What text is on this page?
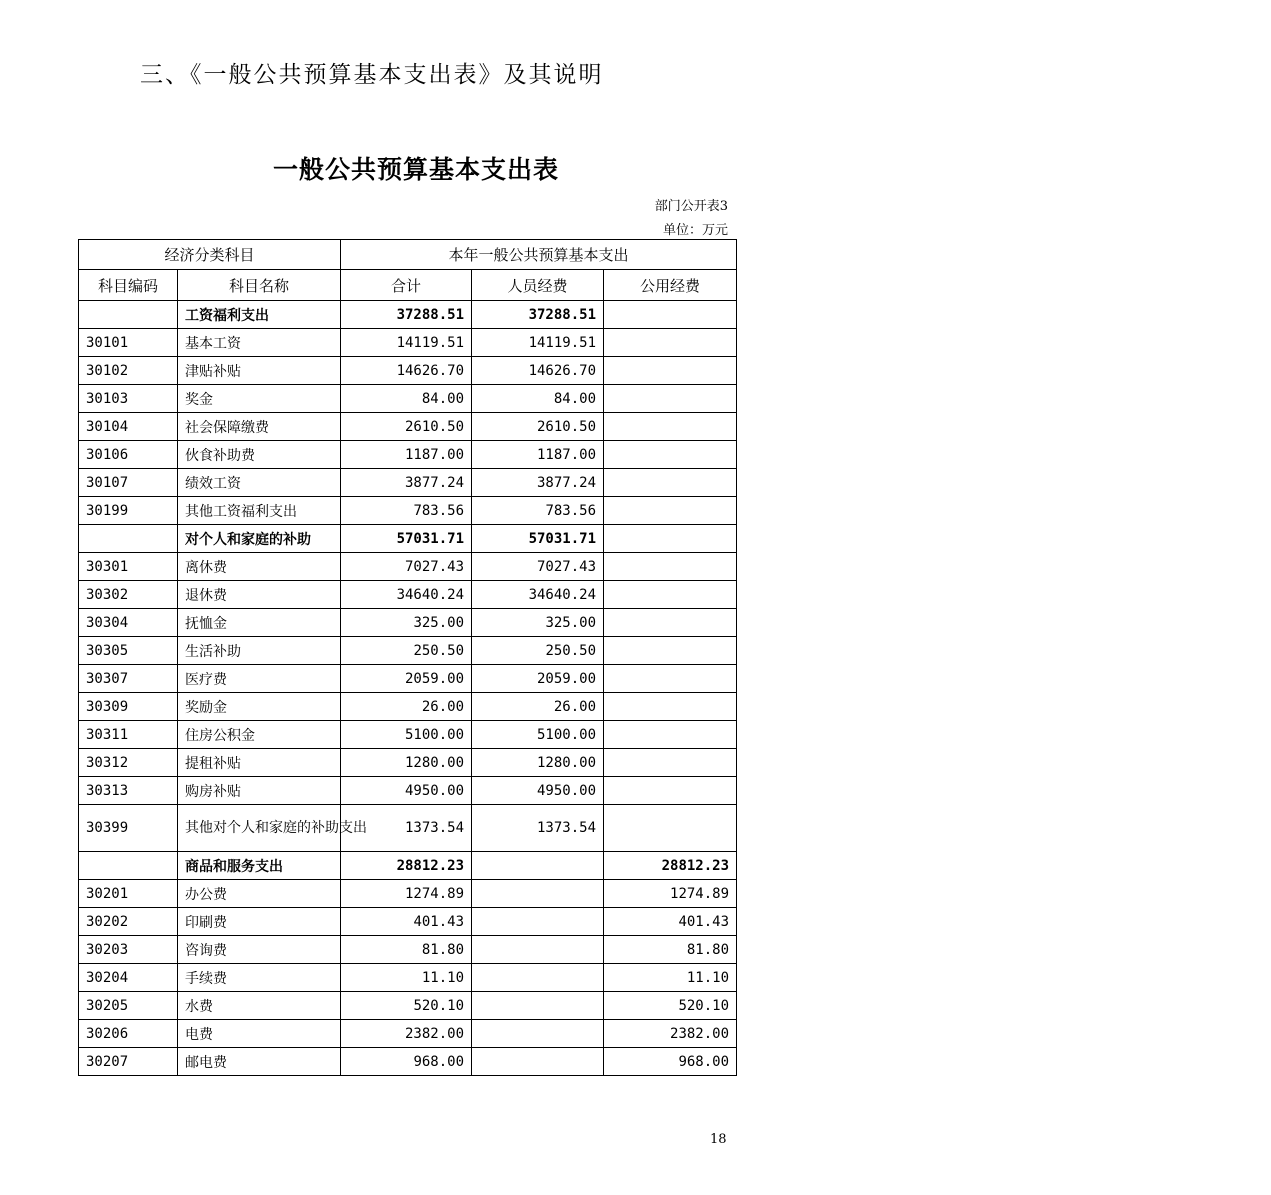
三、《一般公共预算基本支出表》及其说明
一般公共预算基本支出表
部门公开表3
单位：万元
经济分类科目		本年一般公共预算基本支出		
科目编码	科目名称	合计	人员经费	公用经费
	工资福利支出	37288.51	37288.51	
30101	基本工资	14119.51	14119.51	
30102	津贴补贴	14626.70	14626.70	
30103	奖金	84.00	84.00	
30104	社会保障缴费	2610.50	2610.50	
30106	伙食补助费	1187.00	1187.00	
30107	绩效工资	3877.24	3877.24	
30199	其他工资福利支出	783.56	783.56	
	对个人和家庭的补助	57031.71	57031.71	
30301	离休费	7027.43	7027.43	
30302	退休费	34640.24	34640.24	
30304	抚恤金	325.00	325.00	
30305	生活补助	250.50	250.50	
30307	医疗费	2059.00	2059.00	
30309	奖励金	26.00	26.00	
30311	住房公积金	5100.00	5100.00	
30312	提租补贴	1280.00	1280.00	
30313	购房补贴	4950.00	4950.00	
30399	其他对个人和家庭的补助支出	1373.54	1373.54	
	商品和服务支出	28812.23		28812.23
30201	办公费	1274.89		1274.89
30202	印刷费	401.43		401.43
30203	咨询费	81.80		81.80
30204	手续费	11.10		11.10
30205	水费	520.10		520.10
30206	电费	2382.00		2382.00
30207	邮电费	968.00		968.00
18
